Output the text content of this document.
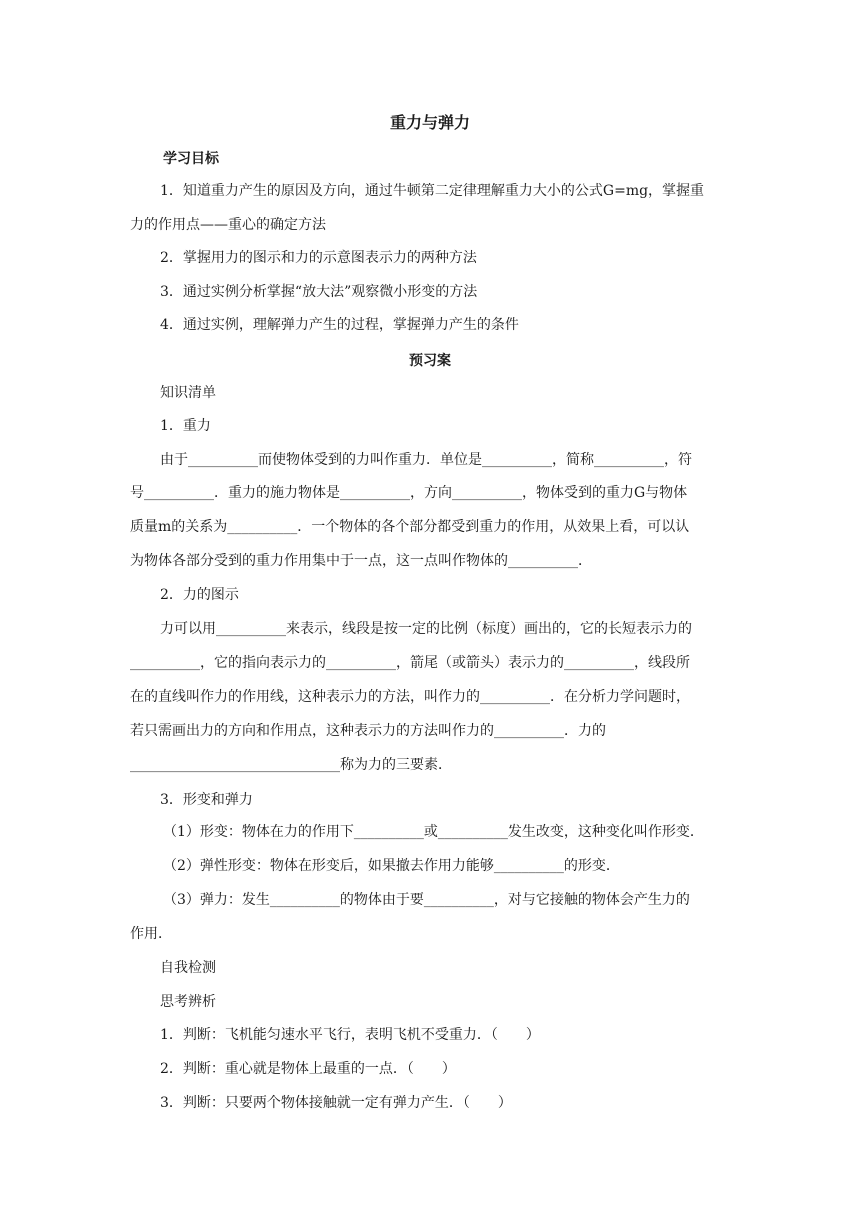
重力与弹力
学习目标
1．知道重力产生的原因及方向，通过牛顿第二定律理解重力大小的公式G=mg，掌握重
力的作用点——重心的确定方法
2．掌握用力的图示和力的示意图表示力的两种方法
3．通过实例分析掌握“放大法”观察微小形变的方法
4．通过实例，理解弹力产生的过程，掌握弹力产生的条件
预习案
知识清单
1．重力
由于__________而使物体受到的力叫作重力．单位是__________，简称__________，符
号__________．重力的施力物体是__________，方向__________，物体受到的重力G与物体
质量m的关系为__________．一个物体的各个部分都受到重力的作用，从效果上看，可以认
为物体各部分受到的重力作用集中于一点，这一点叫作物体的__________．
2．力的图示
力可以用__________来表示，线段是按一定的比例（标度）画出的，它的长短表示力的
__________，它的指向表示力的__________，箭尾（或箭头）表示力的__________，线段所
在的直线叫作力的作用线，这种表示力的方法，叫作力的__________．在分析力学问题时，
若只需画出力的方向和作用点，这种表示力的方法叫作力的__________．力的
______________________________称为力的三要素．
3．形变和弹力
（1）形变：物体在力的作用下__________或__________发生改变，这种变化叫作形变．
（2）弹性形变：物体在形变后，如果撤去作用力能够__________的形变．
（3）弹力：发生__________的物体由于要__________，对与它接触的物体会产生力的
作用．
自我检测
思考辨析
1．判断：飞机能匀速水平飞行，表明飞机不受重力．（　　）
2．判断：重心就是物体上最重的一点．（　　）
3．判断：只要两个物体接触就一定有弹力产生．（　　）
